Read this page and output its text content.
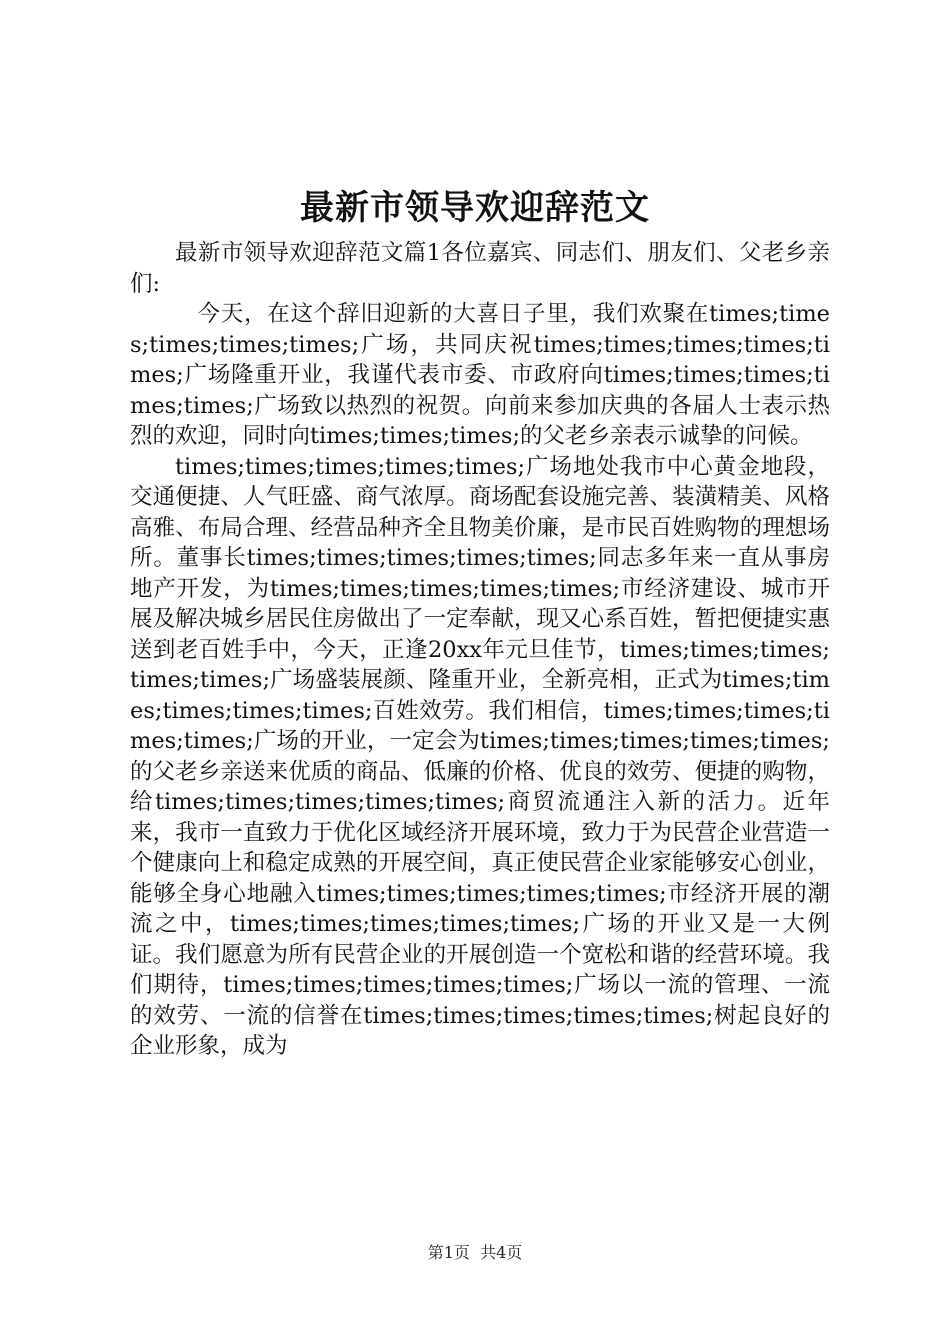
最新市领导欢迎辞范文

最新市领导欢迎辞范文篇1各位嘉宾、同志们、朋友们、父老乡亲们:

今天，在这个辞旧迎新的大喜日子里，我们欢聚在times;times;times;times;times;广场，共同庆祝times;times;times;times;times;广场隆重开业，我谨代表市委、市政府向times;times;times;times;times;广场致以热烈的祝贺。向前来参加庆典的各届人士表示热烈的欢迎，同时向times;times;times;的父老乡亲表示诚挚的问候。

times;times;times;times;times;广场地处我市中心黄金地段，交通便捷、人气旺盛、商气浓厚。商场配套设施完善、装潢精美、风格高雅、布局合理、经营品种齐全且物美价廉，是市民百姓购物的理想场所。董事长times;times;times;times;times;同志多年来一直从事房地产开发，为times;times;times;times;times;市经济建设、城市开展及解决城乡居民住房做出了一定奉献，现又心系百姓，暂把便捷实惠送到老百姓手中，今天，正逢20xx年元旦佳节，times;times;times;times;times;广场盛装展颜、隆重开业，全新亮相，正式为times;times;times;times;times;百姓效劳。我们相信，times;times;times;times;times;广场的开业，一定会为times;times;times;times;times;的父老乡亲送来优质的商品、低廉的价格、优良的效劳、便捷的购物，给times;times;times;times;times;商贸流通注入新的活力。近年来，我市一直致力于优化区域经济开展环境，致力于为民营企业营造一个健康向上和稳定成熟的开展空间，真正使民营企业家能够安心创业，能够全身心地融入times;times;times;times;times;市经济开展的潮流之中，times;times;times;times;times;广场的开业又是一大例证。我们愿意为所有民营企业的开展创造一个宽松和谐的经营环境。我们期待，times;times;times;times;times;广场以一流的管理、一流的效劳、一流的信誉在times;times;times;times;times;树起良好的企业形象，成为

第1页 共4页
